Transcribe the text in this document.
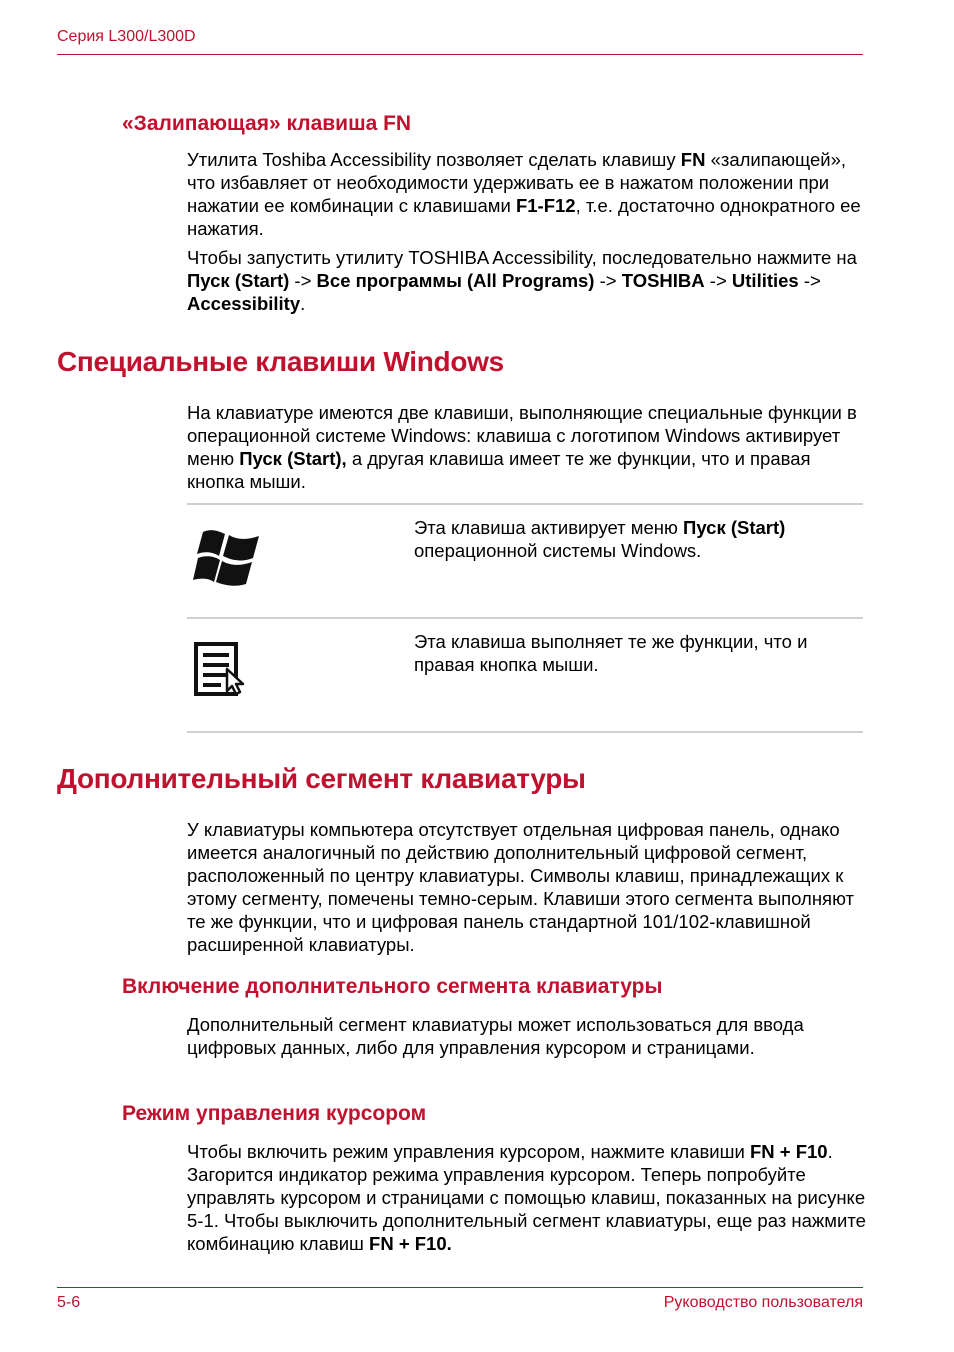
Серия L300/L300D
«Залипающая» клавиша FN

Утилита Toshiba Accessibility позволяет сделать клавишу FN «залипающей», что избавляет от необходимости удерживать ее в нажатом положении при нажатии ее комбинации с клавишами F1-F12, т.е. достаточно однократного ее нажатия.

Чтобы запустить утилиту TOSHIBA Accessibility, последовательно нажмите на Пуск (Start) -> Все программы (All Programs) -> TOSHIBA -> Utilities -> Accessibility.

Специальные клавиши Windows

На клавиатуре имеются две клавиши, выполняющие специальные функции в операционной системе Windows: клавиша с логотипом Windows активирует меню Пуск (Start), а другая клавиша имеет те же функции, что и правая кнопка мыши.

Эта клавиша активирует меню Пуск (Start) операционной системы Windows.

Эта клавиша выполняет те же функции, что и правая кнопка мыши.

Дополнительный сегмент клавиатуры

У клавиатуры компьютера отсутствует отдельная цифровая панель, однако имеется аналогичный по действию дополнительный цифровой сегмент, расположенный по центру клавиатуры. Символы клавиш, принадлежащих к этому сегменту, помечены темно-серым. Клавиши этого сегмента выполняют те же функции, что и цифровая панель стандартной 101/102-клавишной расширенной клавиатуры.

Включение дополнительного сегмента клавиатуры

Дополнительный сегмент клавиатуры может использоваться для ввода цифровых данных, либо для управления курсором и страницами.

Режим управления курсором

Чтобы включить режим управления курсором, нажмите клавиши FN + F10. Загорится индикатор режима управления курсором. Теперь попробуйте управлять курсором и страницами с помощью клавиш, показанных на рисунке 5-1. Чтобы выключить дополнительный сегмент клавиатуры, еще раз нажмите комбинацию клавиш FN + F10.

5-6	Руководство пользователя
